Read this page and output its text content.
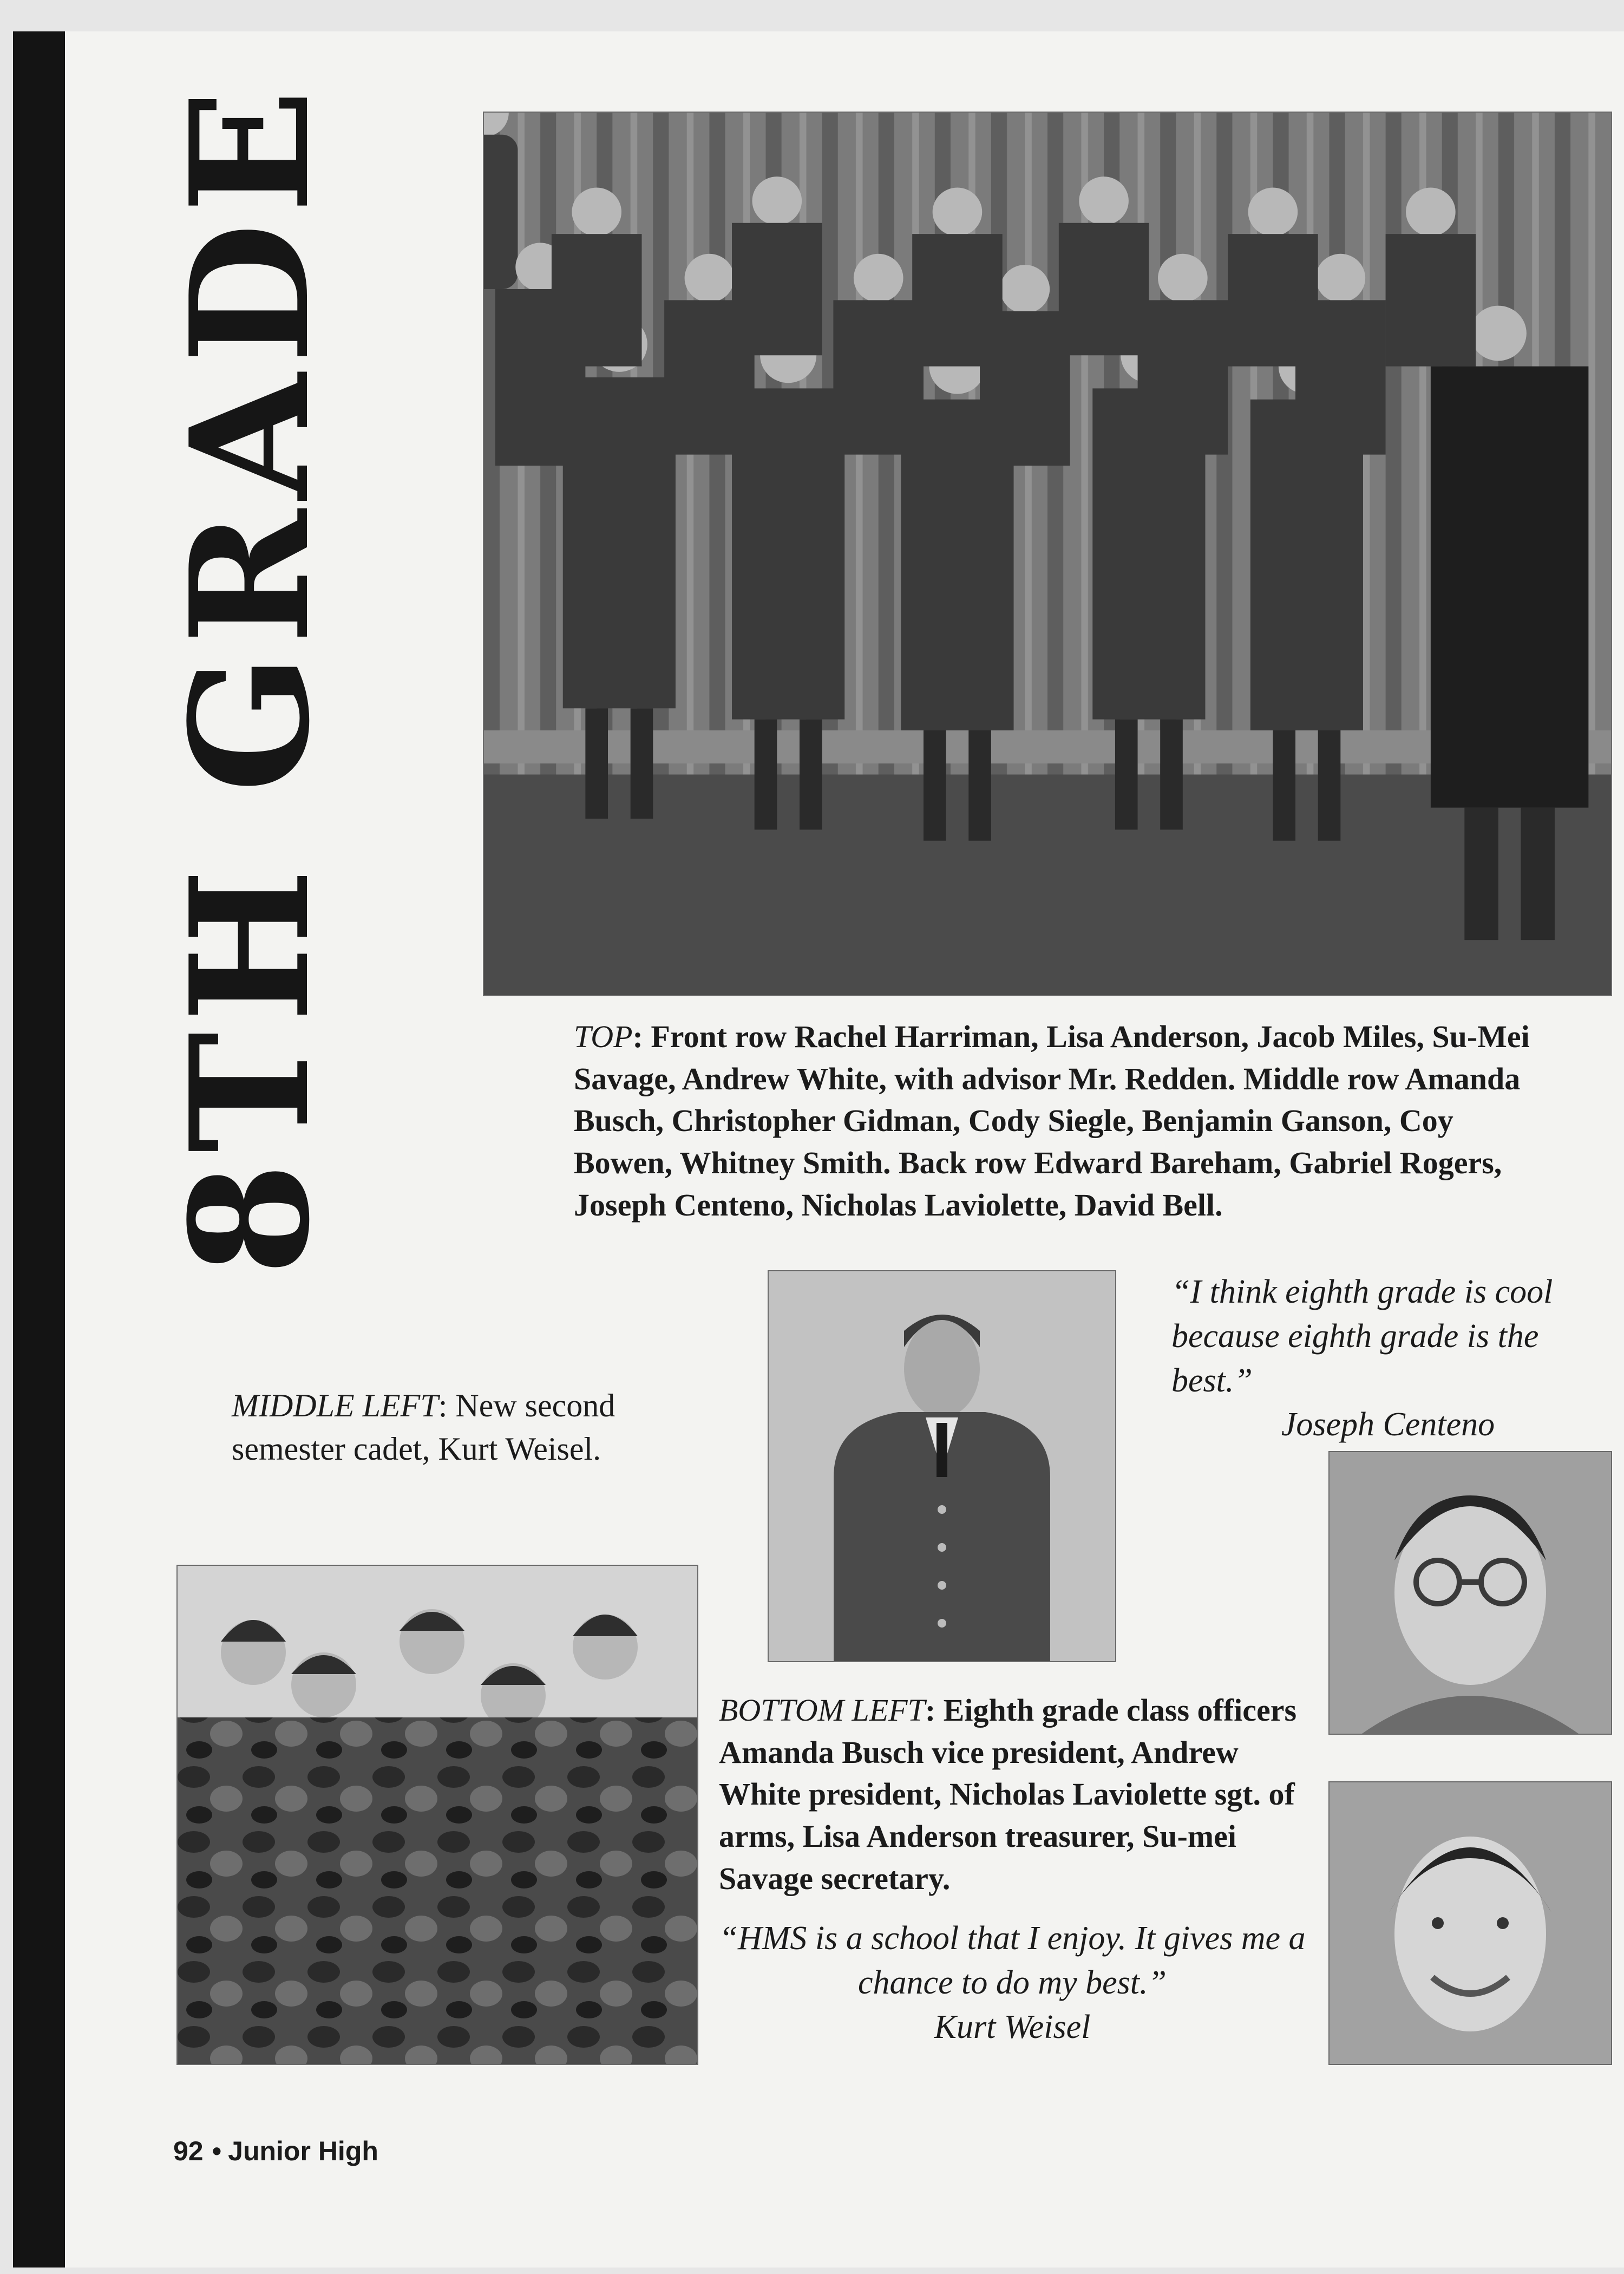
8TH GRADE	TOP: Front row Rachel Harriman, Lisa Anderson, Jacob Miles, Su-Mei Savage, Andrew White, with advisor Mr. Redden. Middle row Amanda Busch, Christopher Gidman, Cody Siegle, Benjamin Ganson, Coy Bowen, Whitney Smith. Back row Edward Bareham, Gabriel Rogers, Joseph Centeno, Nicholas Laviolette, David Bell.

“I think eighth grade is cool because eighth grade is the best.”
Joseph Centeno

MIDDLE LEFT: New second semester cadet, Kurt Weisel.

BOTTOM LEFT: Eighth grade class officers Amanda Busch vice president, Andrew White president, Nicholas Laviolette sgt. of arms, Lisa Anderson treasurer, Su-mei Savage secretary.

“HMS is a school that I enjoy. It gives me a chance to do my best.”
Kurt Weisel

92 • Junior High
